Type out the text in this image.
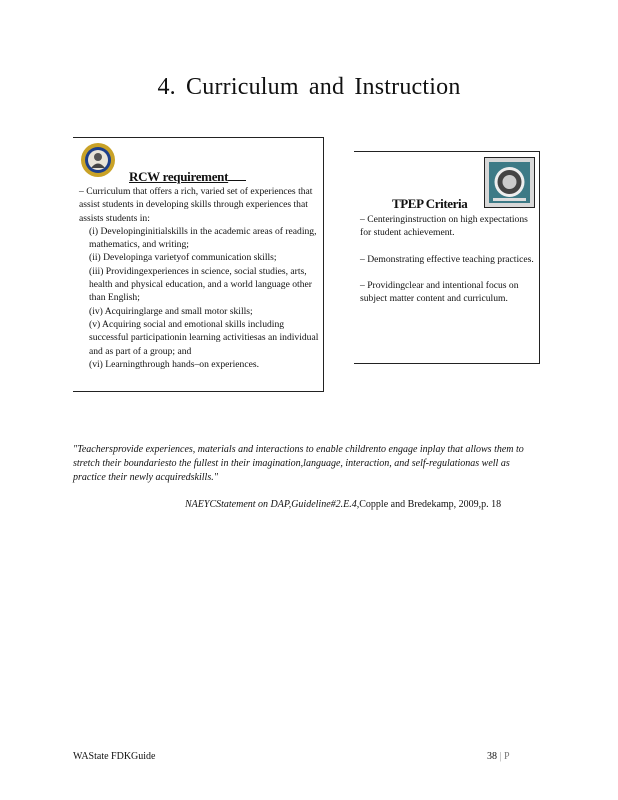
4. Curriculum and Instruction
RCW requirement

– Curriculum that offers a rich, varied set of experiences that assist students in developing skills through experiences that assists students in:

(i) Developinginitialskills in the academic areas of reading, mathematics, and writing;
(ii) Developinga varietyof communication skills;
(iii) Providingexperiences in science, social studies, arts, health and physical education, and a world language other than English;
(iv) Acquiringlarge and small motor skills;
(v) Acquiring social and emotional skills including successful participationin learning activitiesas an individual and as part of a group; and
(vi) Learningthrough hands–on experiences.
TPEP Criteria

– Centeringinstruction on high expectations for student achievement.

– Demonstrating effective teaching practices.

– Providingclear and intentional focus on subject matter content and curriculum.

"Teachersprovide experiences, materials and interactions to enable childrento engage inplay that allows them to stretch their boundariesto the fullest in their imagination,language, interaction, and self-regulationas well as practice their newly acquiredskills."
NAEYCStatement on DAP,Guideline#2.E.4,Copple and Bredekamp, 2009,p. 18
WAState FDKGuide	38 | P
